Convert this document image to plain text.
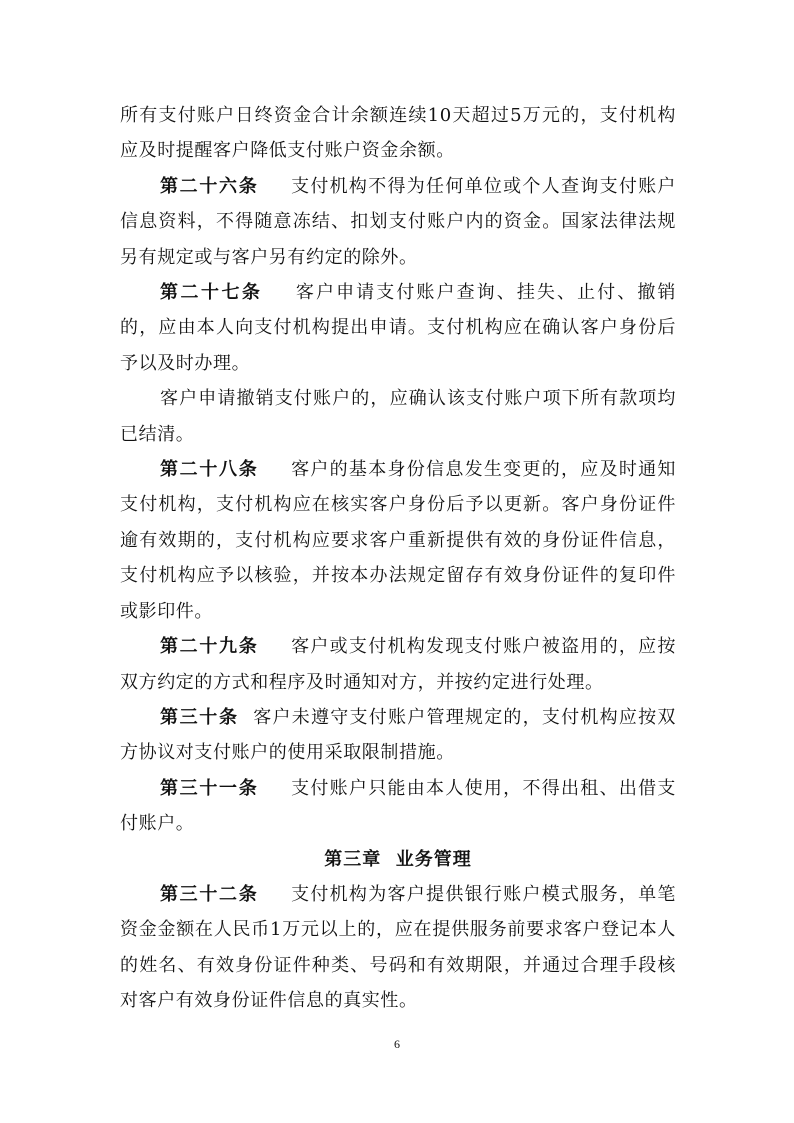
所有支付账户日终资金合计余额连续10天超过5万元的，支付机构应及时提醒客户降低支付账户资金余额。

第二十六条 支付机构不得为任何单位或个人查询支付账户信息资料，不得随意冻结、扣划支付账户内的资金。国家法律法规另有规定或与客户另有约定的除外。

第二十七条 客户申请支付账户查询、挂失、止付、撤销的，应由本人向支付机构提出申请。支付机构应在确认客户身份后予以及时办理。

客户申请撤销支付账户的，应确认该支付账户项下所有款项均已结清。

第二十八条 客户的基本身份信息发生变更的，应及时通知支付机构，支付机构应在核实客户身份后予以更新。客户身份证件逾有效期的，支付机构应要求客户重新提供有效的身份证件信息，支付机构应予以核验，并按本办法规定留存有效身份证件的复印件或影印件。

第二十九条 客户或支付机构发现支付账户被盗用的，应按双方约定的方式和程序及时通知对方，并按约定进行处理。

第三十条 客户未遵守支付账户管理规定的，支付机构应按双方协议对支付账户的使用采取限制措施。

第三十一条 支付账户只能由本人使用，不得出租、出借支付账户。

第三章  业务管理

第三十二条 支付机构为客户提供银行账户模式服务，单笔资金金额在人民币1万元以上的，应在提供服务前要求客户登记本人的姓名、有效身份证件种类、号码和有效期限，并通过合理手段核对客户有效身份证件信息的真实性。

6
